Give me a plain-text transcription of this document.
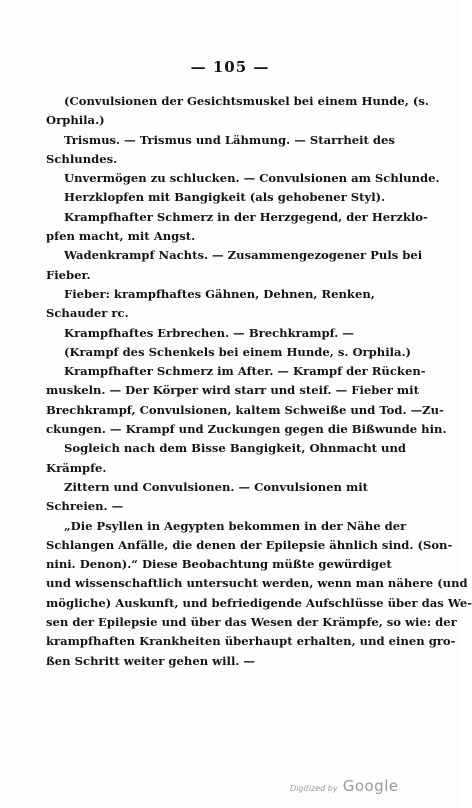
— 105 —
(Convulsionen der Gesichtsmuskel bei einem Hunde, (s.
Orphila.)
Trismus. — Trismus und Lähmung. — Starrheit des
Schlundes.
Unvermögen zu schlucken. — Convulsionen am Schlunde.
Herzklopfen mit Bangigkeit (als gehobener Styl).
Krampfhafter Schmerz in der Herzgegend, der Herzklo-
pfen macht, mit Angst.
Wadenkrampf Nachts. — Zusammengezogener Puls bei
Fieber.
Fieber: krampfhaftes Gähnen, Dehnen, Renken,
Schauder rc.
Krampfhaftes Erbrechen. — Brechkrampf. —
(Krampf des Schenkels bei einem Hunde, s. Orphila.)
Krampfhafter Schmerz im After. — Krampf der Rücken-
muskeln. — Der Körper wird starr und steif. — Fieber mit
Brechkrampf, Convulsionen, kaltem Schweiße und Tod. —Zu-
ckungen. — Krampf und Zuckungen gegen die Bißwunde hin.
Sogleich nach dem Bisse Bangigkeit, Ohnmacht und
Krämpfe.
Zittern und Convulsionen. — Convulsionen mit
Schreien. —
„Die Psyllen in Aegypten bekommen in der Nähe der
Schlangen Anfälle, die denen der Epilepsie ähnlich sind. (Son-
nini. Denon).“ Diese Beobachtung müßte gewürdiget
und wissenschaftlich untersucht werden, wenn man nähere (und
mögliche) Auskunft, und befriedigende Aufschlüsse über das We-
sen der Epilepsie und über das Wesen der Krämpfe, so wie: der
krampfhaften Krankheiten überhaupt erhalten, und einen gro-
ßen Schritt weiter gehen will. —
Digitized by Google
